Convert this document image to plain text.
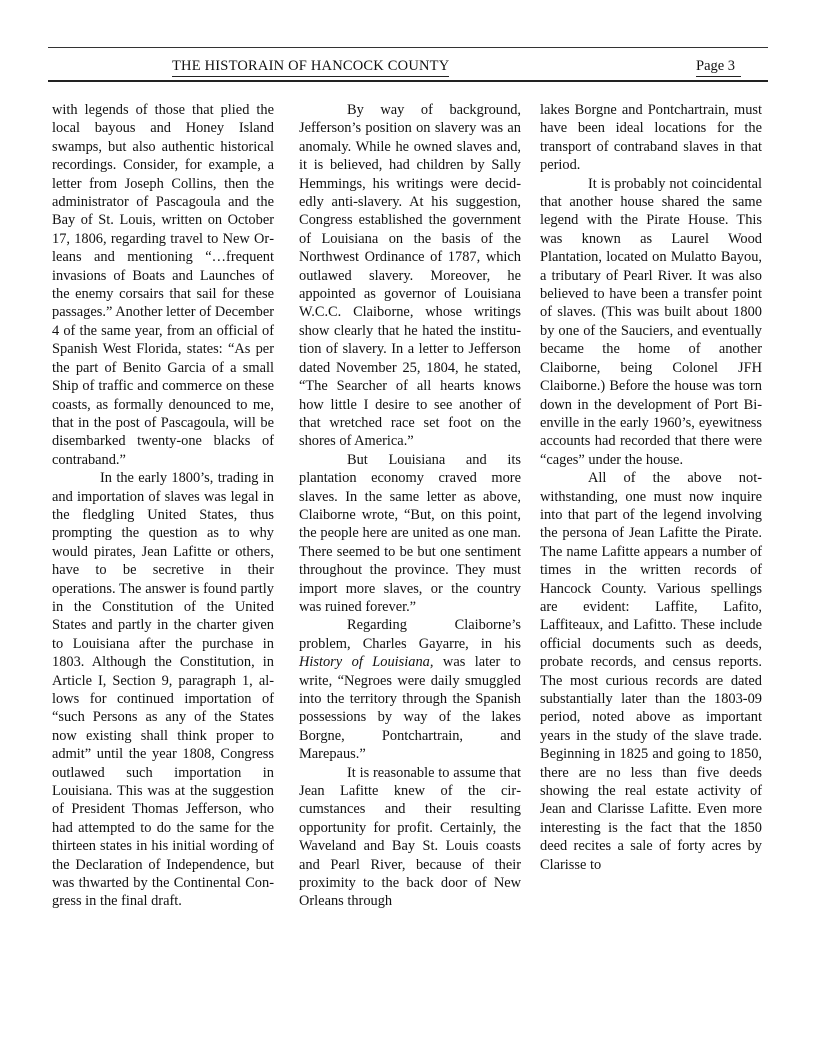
THE HISTORAIN OF HANCOCK COUNTY	Page 3

with legends of those that plied the local bayous and Honey Island swamps, but also authentic historical recordings. Consider, for example, a letter from Joseph Collins, then the administrator of Pascagoula and the Bay of St. Louis, written on October 17, 1806, regarding travel to New Orleans and mentioning “…frequent invasions of Boats and Launches of the enemy corsairs that sail for these passages.” Another letter of December 4 of the same year, from an official of Spanish West Florida, states: “As per the part of Benito Garcia of a small Ship of traffic and commerce on these coasts, as formally denounced to me, that in the post of Pascagoula, will be disembarked twenty-one blacks of contraband.”

In the early 1800’s, trading in and importation of slaves was legal in the fledgling United States, thus prompting the question as to why would pirates, Jean Lafitte or others, have to be secretive in their operations. The answer is found partly in the Constitution of the United States and partly in the charter given to Louisiana after the purchase in 1803. Although the Constitution, in Article I, Section 9, paragraph 1, allows for continued importation of “such Persons as any of the States now existing shall think proper to admit” until the year 1808, Congress outlawed such importation in Louisiana. This was at the suggestion of President Thomas Jefferson, who had attempted to do the same for the thirteen states in his initial wording of the Declaration of Independence, but was thwarted by the Continental Congress in the final draft.

By way of background, Jefferson’s position on slavery was an anomaly. While he owned slaves and, it is believed, had children by Sally Hemmings, his writings were decidedly anti-slavery. At his suggestion, Congress established the government of Louisiana on the basis of the Northwest Ordinance of 1787, which outlawed slavery. Moreover, he appointed as governor of Louisiana W.C.C. Claiborne, whose writings show clearly that he hated the institution of slavery. In a letter to Jefferson dated November 25, 1804, he stated, “The Searcher of all hearts knows how little I desire to see another of that wretched race set foot on the shores of America.”

But Louisiana and its plantation economy craved more slaves. In the same letter as above, Claiborne wrote, “But, on this point, the people here are united as one man. There seemed to be but one sentiment throughout the province. They must import more slaves, or the country was ruined forever.”

Regarding Claiborne’s problem, Charles Gayarre, in his History of Louisiana, was later to write, “Negroes were daily smuggled into the territory through the Spanish possessions by way of the lakes Borgne, Pontchartrain, and Marepaus.”

It is reasonable to assume that Jean Lafitte knew of the circumstances and their resulting opportunity for profit. Certainly, the Waveland and Bay St. Louis coasts and Pearl River, because of their proximity to the back door of New Orleans through

lakes Borgne and Pontchartrain, must have been ideal locations for the transport of contraband slaves in that period.

It is probably not coincidental that another house shared the same legend with the Pirate House. This was known as Laurel Wood Plantation, located on Mulatto Bayou, a tributary of Pearl River. It was also believed to have been a transfer point of slaves. (This was built about 1800 by one of the Sauciers, and eventually became the home of another Claiborne, being Colonel JFH Claiborne.) Before the house was torn down in the development of Port Bienville in the early 1960’s, eyewitness accounts had recorded that there were “cages” under the house.

All of the above notwithstanding, one must now inquire into that part of the legend involving the persona of Jean Lafitte the Pirate. The name Lafitte appears a number of times in the written records of Hancock County. Various spellings are evident: Laffite, Lafito, Laffiteaux, and Lafitto. These include official documents such as deeds, probate records, and census reports. The most curious records are dated substantially later than the 1803-09 period, noted above as important years in the study of the slave trade. Beginning in 1825 and going to 1850, there are no less than five deeds showing the real estate activity of Jean and Clarisse Lafitte. Even more interesting is the fact that the 1850 deed recites a sale of forty acres by Clarisse to
